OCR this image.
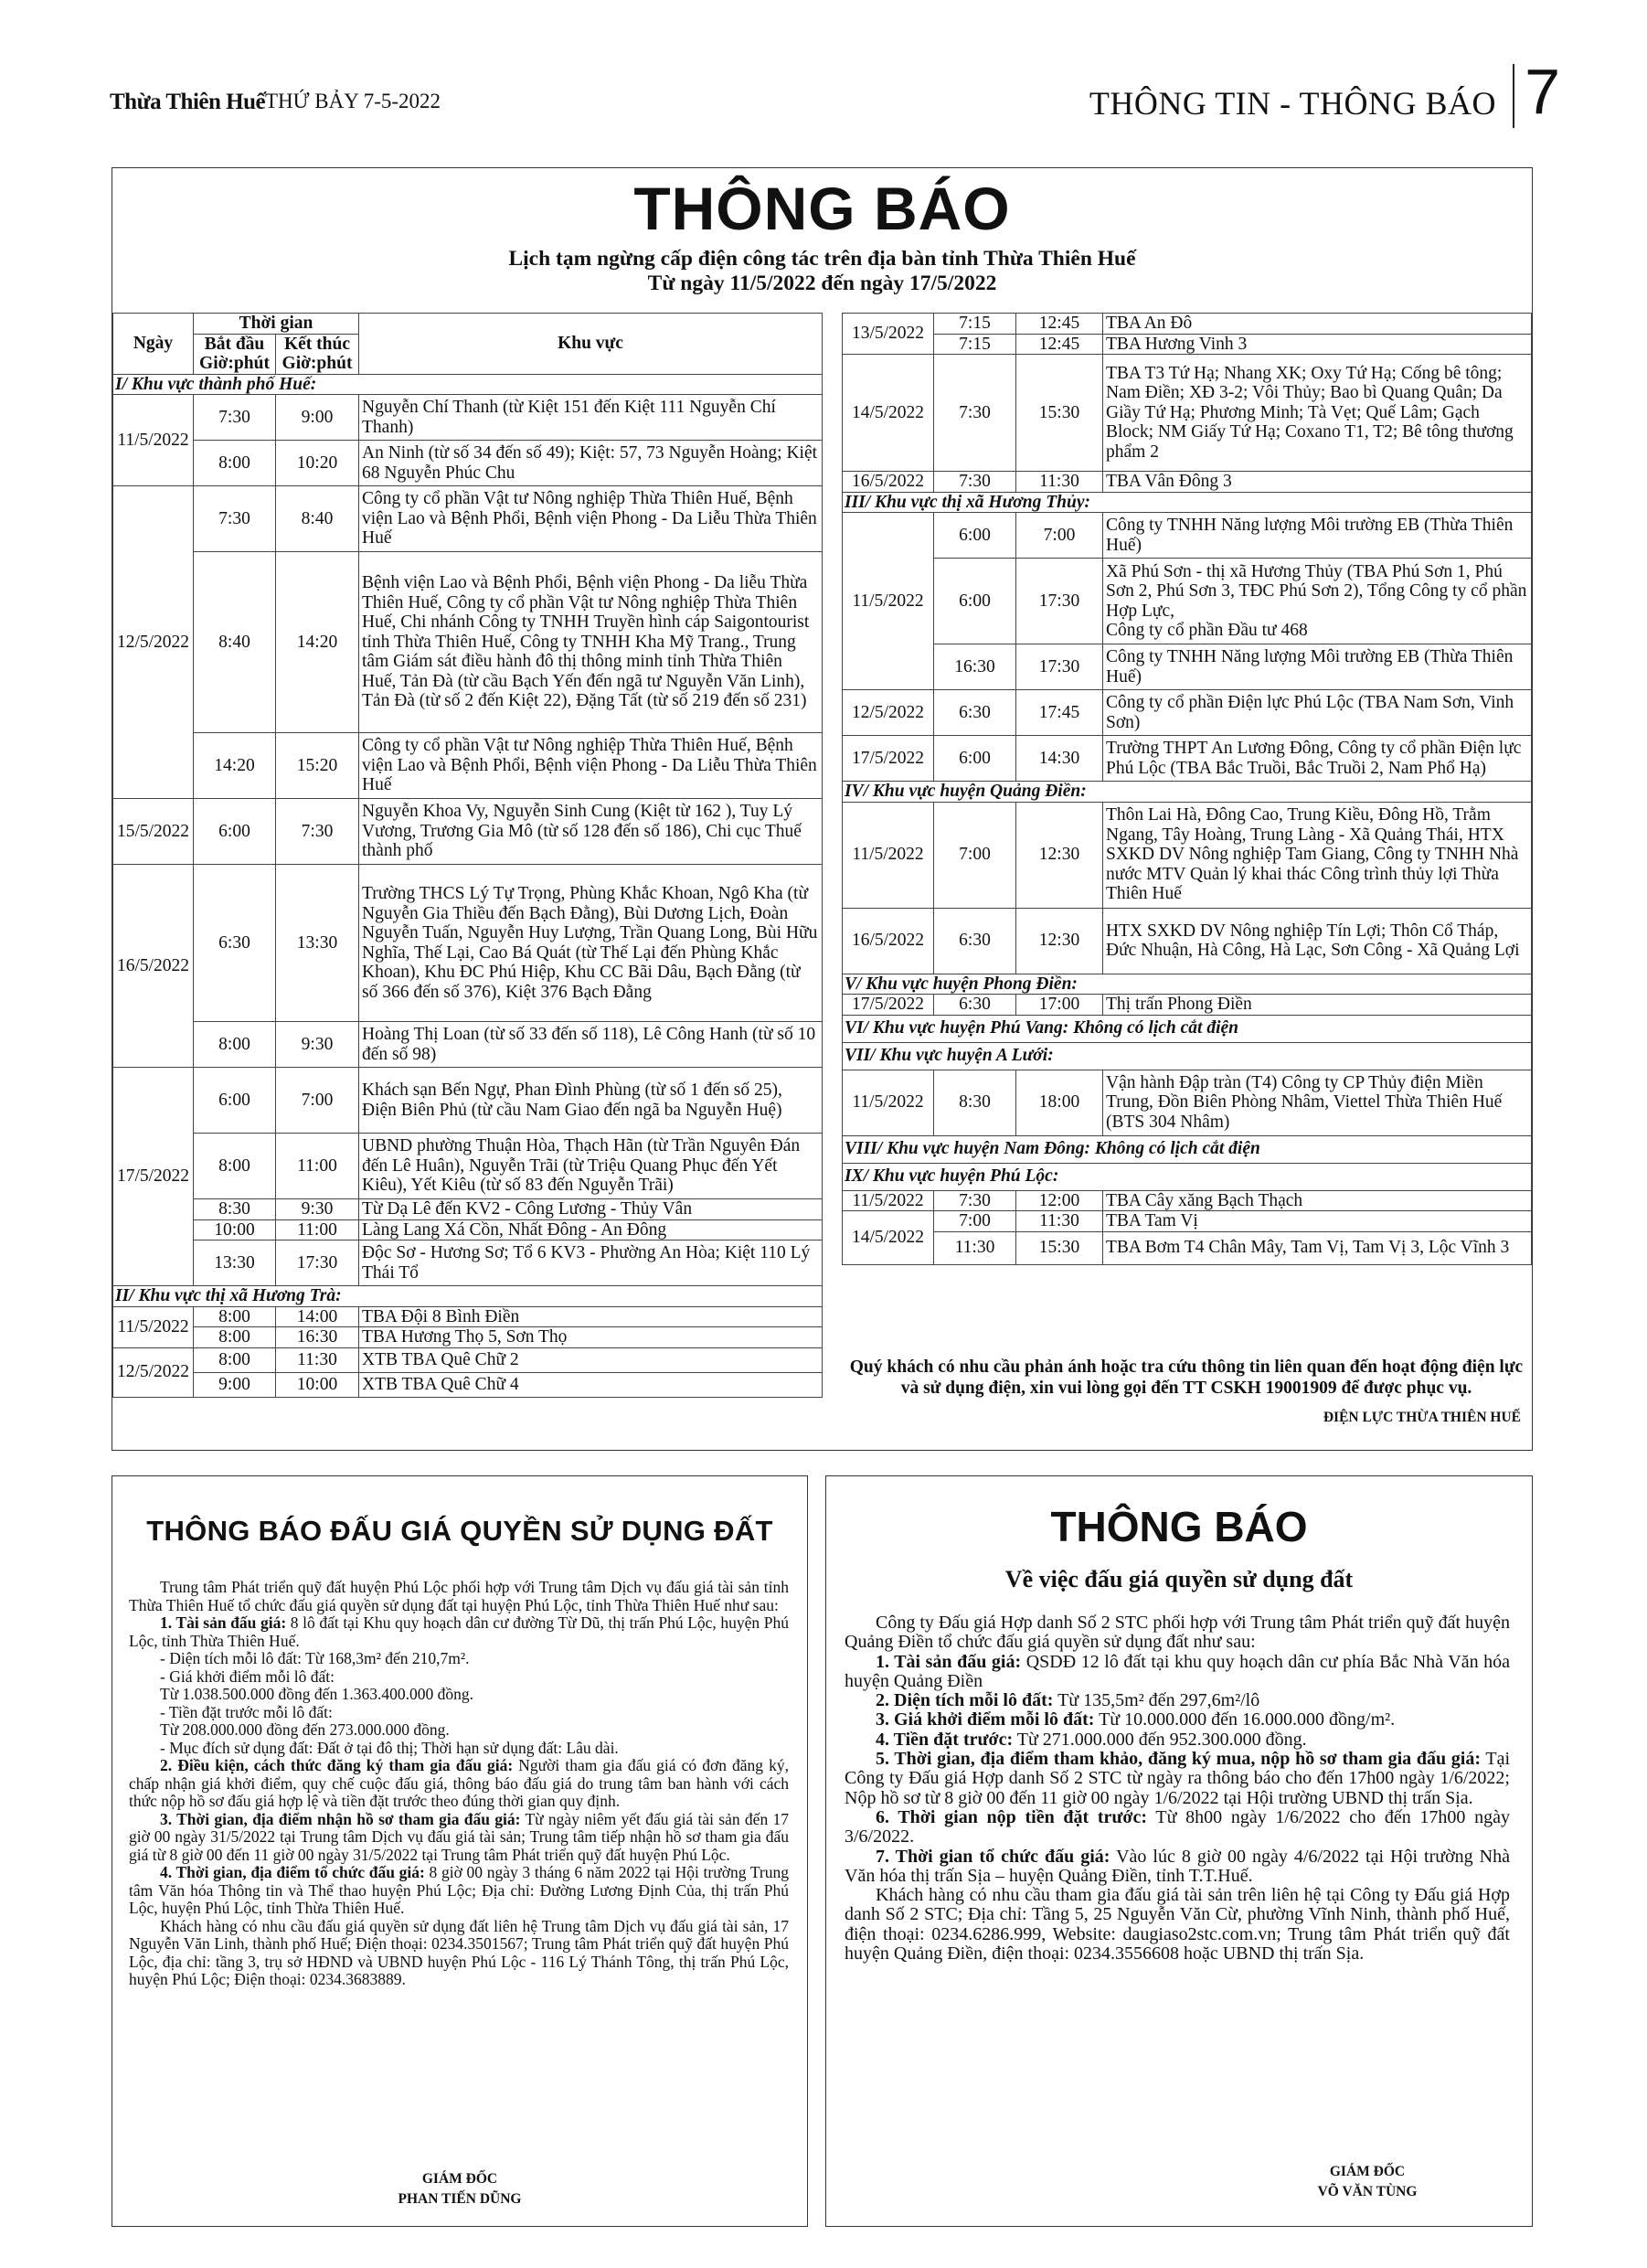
Thừa Thiên Huế THỨ BẢY 7-5-2022	THÔNG TIN - THÔNG BÁO 7
THÔNG BÁO
Lịch tạm ngừng cấp điện công tác trên địa bàn tỉnh Thừa Thiên Huế
Từ ngày 11/5/2022 đến ngày 17/5/2022
Ngày	Thời gian		Khu vực
	Bắt đầu Giờ:phút	Kết thúc Giờ:phút	
I/ Khu vực thành phố Huế:			
11/5/2022	7:30	9:00	Nguyễn Chí Thanh (từ Kiệt 151 đến Kiệt 111 Nguyễn Chí Thanh)
	8:00	10:20	An Ninh (từ số 34 đến số 49); Kiệt: 57, 73 Nguyễn Hoàng; Kiệt 68 Nguyễn Phúc Chu
12/5/2022	7:30	8:40	Công ty cổ phần Vật tư Nông nghiệp Thừa Thiên Huế, Bệnh viện Lao và Bệnh Phổi, Bệnh viện Phong - Da Liễu Thừa Thiên Huế
	8:40	14:20	Bệnh viện Lao và Bệnh Phổi, Bệnh viện Phong - Da liễu Thừa Thiên Huế, Công ty cổ phần Vật tư Nông nghiệp Thừa Thiên Huế, Chi nhánh Công ty TNHH Truyền hình cáp Saigontourist tỉnh Thừa Thiên Huế, Công ty TNHH Kha Mỹ Trang., Trung tâm Giám sát điều hành đô thị thông minh tỉnh Thừa Thiên Huế, Tản Đà (từ cầu Bạch Yến đến ngã tư Nguyễn Văn Linh), Tản Đà (từ số 2 đến Kiệt 22), Đặng Tất (từ số 219 đến số 231)
	14:20	15:20	Công ty cổ phần Vật tư Nông nghiệp Thừa Thiên Huế, Bệnh viện Lao và Bệnh Phổi, Bệnh viện Phong - Da Liễu Thừa Thiên Huế
15/5/2022	6:00	7:30	Nguyễn Khoa Vy, Nguyễn Sinh Cung (Kiệt từ 162 ), Tuy Lý Vương, Trương Gia Mô (từ số 128 đến số 186), Chi cục Thuế thành phố
16/5/2022	6:30	13:30	Trường THCS Lý Tự Trọng, Phùng Khắc Khoan, Ngô Kha (từ Nguyễn Gia Thiều đến Bạch Đằng), Bùi Dương Lịch, Đoàn Nguyễn Tuấn, Nguyễn Huy Lượng, Trần Quang Long, Bùi Hữu Nghĩa, Thế Lại, Cao Bá Quát (từ Thế Lại đến Phùng Khắc Khoan), Khu ĐC Phú Hiệp, Khu CC Bãi Dâu, Bạch Đằng (từ số 366 đến số 376), Kiệt 376 Bạch Đằng
	8:00	9:30	Hoàng Thị Loan (từ số 33 đến số 118), Lê Công Hanh (từ số 10 đến số 98)
17/5/2022	6:00	7:00	Khách sạn Bến Ngự, Phan Đình Phùng (từ số 1 đến số 25), Điện Biên Phủ (từ cầu Nam Giao đến ngã ba Nguyễn Huệ)
	8:00	11:00	UBND phường Thuận Hòa, Thạch Hãn (từ Trần Nguyên Đán đến Lê Huân), Nguyễn Trãi (từ Triệu Quang Phục đến Yết Kiêu), Yết Kiêu (từ số 83 đến Nguyễn Trãi)
	8:30	9:30	Từ Dạ Lê đến KV2 - Công Lương - Thủy Vân
	10:00	11:00	Làng Lang Xá Cồn, Nhất Đông - An Đông
	13:30	17:30	Độc Sơ - Hương Sơ; Tổ 6 KV3 - Phường An Hòa; Kiệt 110 Lý Thái Tổ
II/ Khu vực thị xã Hương Trà:			
11/5/2022	8:00	14:00	TBA Đội 8 Bình Điền
	8:00	16:30	TBA Hương Thọ 5, Sơn Thọ
12/5/2022	8:00	11:30	XTB TBA Quê Chữ 2
	9:00	10:00	XTB TBA Quê Chữ 4
13/5/2022	7:15	12:45	TBA An Đô
	7:15	12:45	TBA Hương Vinh 3
14/5/2022	7:30	15:30	TBA T3 Tứ Hạ; Nhang XK; Oxy Tứ Hạ; Cống bê tông; Nam Điền; XĐ 3-2; Vôi Thủy; Bao bì Quang Quân; Da Giầy Tứ Hạ; Phương Minh; Tà Vẹt; Quế Lâm; Gạch Block; NM Giấy Tứ Hạ; Coxano T1, T2; Bê tông thương phẩm 2
16/5/2022	7:30	11:30	TBA Vân Đông 3
III/ Khu vực thị xã Hương Thủy:			
11/5/2022	6:00	7:00	Công ty TNHH Năng lượng Môi trường EB (Thừa Thiên Huế)
	6:00	17:30	Xã Phú Sơn - thị xã Hương Thủy (TBA Phú Sơn 1, Phú Sơn 2, Phú Sơn 3, TĐC Phú Sơn 2), Tổng Công ty cổ phần Hợp Lực,
Công ty cổ phần Đầu tư 468
	16:30	17:30	Công ty TNHH Năng lượng Môi trường EB (Thừa Thiên Huế)
12/5/2022	6:30	17:45	Công ty cổ phần Điện lực Phú Lộc (TBA Nam Sơn, Vinh Sơn)
17/5/2022	6:00	14:30	Trường THPT An Lương Đông, Công ty cổ phần Điện lực Phú Lộc (TBA Bắc Truồi, Bắc Truồi 2, Nam Phổ Hạ)
IV/ Khu vực huyện Quảng Điền:			
11/5/2022	7:00	12:30	Thôn Lai Hà, Đông Cao, Trung Kiều, Đông Hồ, Trằm Ngang, Tây Hoàng, Trung Làng - Xã Quảng Thái, HTX SXKD DV Nông nghiệp Tam Giang, Công ty TNHH Nhà nước MTV Quản lý khai thác Công trình thủy lợi Thừa Thiên Huế
16/5/2022	6:30	12:30	HTX SXKD DV Nông nghiệp Tín Lợi; Thôn Cổ Tháp, Đức Nhuận, Hà Công, Hà Lạc, Sơn Công - Xã Quảng Lợi
V/ Khu vực huyện Phong Điền:			
17/5/2022	6:30	17:00	Thị trấn Phong Điền
VI/ Khu vực huyện Phú Vang: Không có lịch cắt điện			
VII/ Khu vực huyện A Lưới:			
11/5/2022	8:30	18:00	Vận hành Đập tràn (T4) Công ty CP Thủy điện Miền Trung, Đồn Biên Phòng Nhâm, Viettel Thừa Thiên Huế (BTS 304 Nhâm)
VIII/ Khu vực huyện Nam Đông: Không có lịch cắt điện			
IX/ Khu vực huyện Phú Lộc:			
11/5/2022	7:30	12:00	TBA Cây xăng Bạch Thạch
14/5/2022	7:00	11:30	TBA Tam Vị
	11:30	15:30	TBA Bơm T4 Chân Mây, Tam Vị, Tam Vị 3, Lộc Vĩnh 3
Quý khách có nhu cầu phản ánh hoặc tra cứu thông tin liên quan đến hoạt động điện lực và sử dụng điện, xin vui lòng gọi đến TT CSKH 19001909 để được phục vụ.
ĐIỆN LỰC THỪA THIÊN HUẾ
THÔNG BÁO ĐẤU GIÁ QUYỀN SỬ DỤNG ĐẤT

Trung tâm Phát triển quỹ đất huyện Phú Lộc phối hợp với Trung tâm Dịch vụ đấu giá tài sản tỉnh Thừa Thiên Huế tổ chức đấu giá quyền sử dụng đất tại huyện Phú Lộc, tỉnh Thừa Thiên Huế như sau:

1. Tài sản đấu giá: 8 lô đất tại Khu quy hoạch dân cư đường Từ Dũ, thị trấn Phú Lộc, huyện Phú Lộc, tỉnh Thừa Thiên Huế.

- Diện tích mỗi lô đất: Từ 168,3m² đến 210,7m².

- Giá khởi điểm mỗi lô đất:

Từ 1.038.500.000 đồng đến 1.363.400.000 đồng.

- Tiền đặt trước mỗi lô đất:

Từ 208.000.000 đồng đến 273.000.000 đồng.

- Mục đích sử dụng đất: Đất ở tại đô thị; Thời hạn sử dụng đất: Lâu dài.

2. Điều kiện, cách thức đăng ký tham gia đấu giá: Người tham gia đấu giá có đơn đăng ký, chấp nhận giá khởi điểm, quy chế cuộc đấu giá, thông báo đấu giá do trung tâm ban hành với cách thức nộp hồ sơ đấu giá hợp lệ và tiền đặt trước theo đúng thời gian quy định.

3. Thời gian, địa điểm nhận hồ sơ tham gia đấu giá: Từ ngày niêm yết đấu giá tài sản đến 17 giờ 00 ngày 31/5/2022 tại Trung tâm Dịch vụ đấu giá tài sản; Trung tâm tiếp nhận hồ sơ tham gia đấu giá từ 8 giờ 00 đến 11 giờ 00 ngày 31/5/2022 tại Trung tâm Phát triển quỹ đất huyện Phú Lộc.

4. Thời gian, địa điểm tổ chức đấu giá: 8 giờ 00 ngày 3 tháng 6 năm 2022 tại Hội trường Trung tâm Văn hóa Thông tin và Thể thao huyện Phú Lộc; Địa chỉ: Đường Lương Định Của, thị trấn Phú Lộc, huyện Phú Lộc, tỉnh Thừa Thiên Huế.

Khách hàng có nhu cầu đấu giá quyền sử dụng đất liên hệ Trung tâm Dịch vụ đấu giá tài sản, 17 Nguyễn Văn Linh, thành phố Huế; Điện thoại: 0234.3501567; Trung tâm Phát triển quỹ đất huyện Phú Lộc, địa chỉ: tầng 3, trụ sở HĐND và UBND huyện Phú Lộc - 116 Lý Thánh Tông, thị trấn Phú Lộc, huyện Phú Lộc; Điện thoại: 0234.3683889.

GIÁM ĐỐC
PHAN TIẾN DŨNG
THÔNG BÁO
Về việc đấu giá quyền sử dụng đất

Công ty Đấu giá Hợp danh Số 2 STC phối hợp với Trung tâm Phát triển quỹ đất huyện Quảng Điền tổ chức đấu giá quyền sử dụng đất như sau:

1. Tài sản đấu giá: QSDĐ 12 lô đất tại khu quy hoạch dân cư phía Bắc Nhà Văn hóa huyện Quảng Điền

2. Diện tích mỗi lô đất: Từ 135,5m² đến 297,6m²/lô

3. Giá khởi điểm mỗi lô đất: Từ 10.000.000 đến 16.000.000 đồng/m².

4. Tiền đặt trước: Từ 271.000.000 đến 952.300.000 đồng.

5. Thời gian, địa điểm tham khảo, đăng ký mua, nộp hồ sơ tham gia đấu giá: Tại Công ty Đấu giá Hợp danh Số 2 STC từ ngày ra thông báo cho đến 17h00 ngày 1/6/2022; Nộp hồ sơ từ 8 giờ 00 đến 11 giờ 00 ngày 1/6/2022 tại Hội trường UBND thị trấn Sịa.

6. Thời gian nộp tiền đặt trước: Từ 8h00 ngày 1/6/2022 cho đến 17h00 ngày 3/6/2022.

7. Thời gian tổ chức đấu giá: Vào lúc 8 giờ 00 ngày 4/6/2022 tại Hội trường Nhà Văn hóa thị trấn Sịa – huyện Quảng Điền, tỉnh T.T.Huế.

Khách hàng có nhu cầu tham gia đấu giá tài sản trên liên hệ tại Công ty Đấu giá Hợp danh Số 2 STC; Địa chỉ: Tầng 5, 25 Nguyễn Văn Cừ, phường Vĩnh Ninh, thành phố Huế, điện thoại: 0234.6286.999, Website: daugiaso2stc.com.vn; Trung tâm Phát triển quỹ đất huyện Quảng Điền, điện thoại: 0234.3556608 hoặc UBND thị trấn Sịa.

GIÁM ĐỐC
VÕ VĂN TÙNG
